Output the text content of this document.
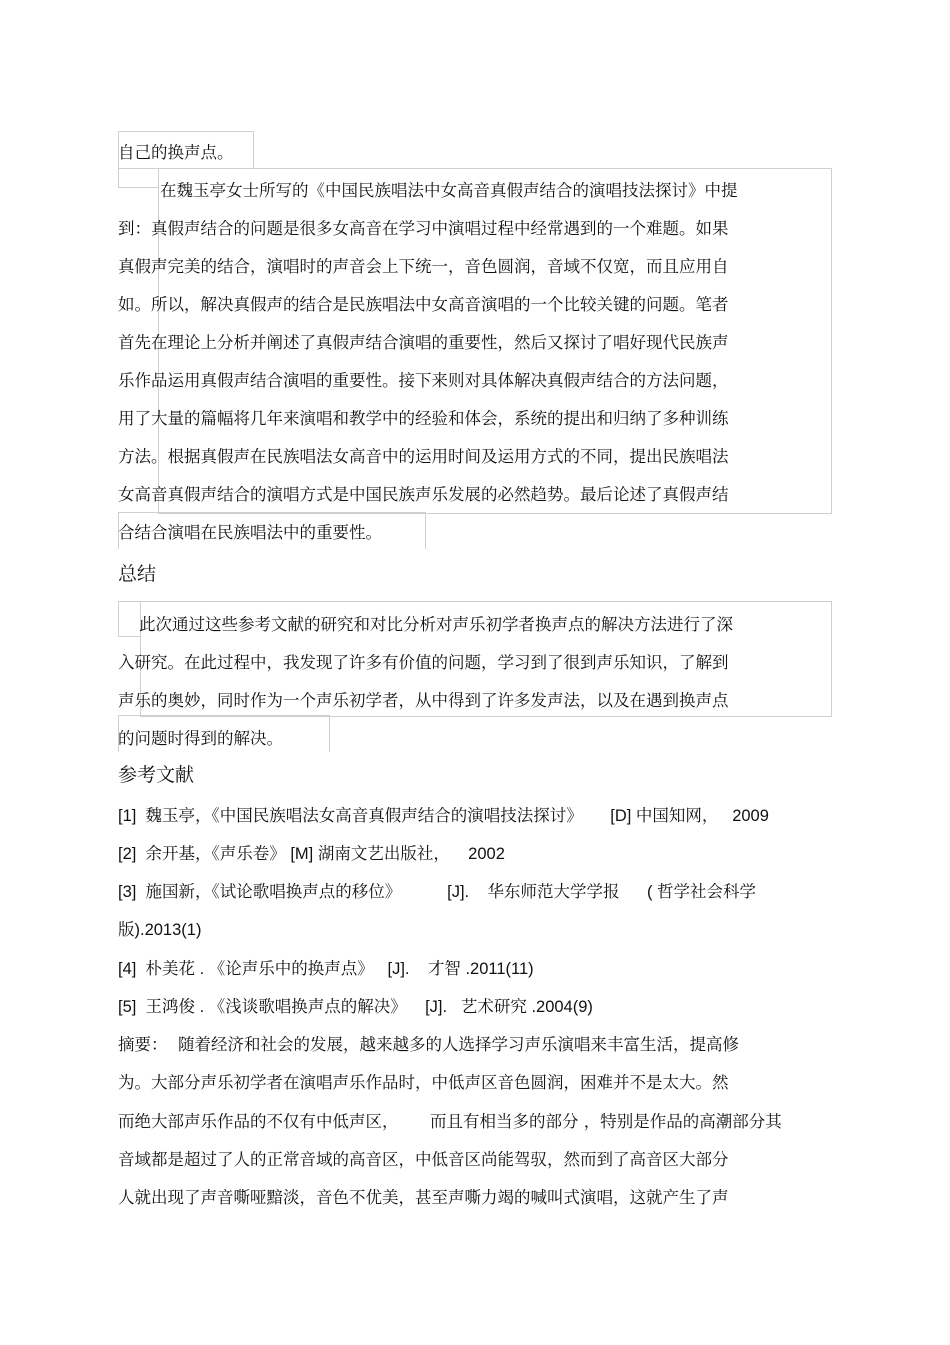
自己的换声点。
在魏玉亭女士所写的《中国民族唱法中女高音真假声结合的演唱技法探讨》中提
到：真假声结合的问题是很多女高音在学习中演唱过程中经常遇到的一个难题。如果
真假声完美的结合，演唱时的声音会上下统一，音色圆润，音域不仅宽，而且应用自
如。所以，解决真假声的结合是民族唱法中女高音演唱的一个比较关键的问题。笔者
首先在理论上分析并阐述了真假声结合演唱的重要性，然后又探讨了唱好现代民族声
乐作品运用真假声结合演唱的重要性。接下来则对具体解决真假声结合的方法问题，
用了大量的篇幅将几年来演唱和教学中的经验和体会，系统的提出和归纳了多种训练
方法。根据真假声在民族唱法女高音中的运用时间及运用方式的不同，提出民族唱法
女高音真假声结合的演唱方式是中国民族声乐发展的必然趋势。最后论述了真假声结
合结合演唱在民族唱法中的重要性。
总结
此次通过这些参考文献的研究和对比分析对声乐初学者换声点的解决方法进行了深
入研究。在此过程中，我发现了许多有价值的问题，学习到了很到声乐知识，了解到
声乐的奥妙，同时作为一个声乐初学者，从中得到了许多发声法，以及在遇到换声点
的问题时得到的解决。
参考文献
[1]  魏玉亭，《中国民族唱法女高音真假声结合的演唱技法探讨》      [D] 中国知网，   2009
[2]  余开基，《声乐卷》 [M] 湖南文艺出版社，    2002
[3]  施国新，《试论歌唱换声点的移位》          [J].    华东师范大学学报      ( 哲学社会科学
版).2013(1)
[4]  朴美花 . 《论声乐中的换声点》   [J].    才智 .2011(11)
[5]  王鸿俊 . 《浅谈歌唱换声点的解决》    [J].   艺术研究 .2004(9)
摘要：  随着经济和社会的发展，越来越多的人选择学习声乐演唱来丰富生活，提高修
为。大部分声乐初学者在演唱声乐作品时，中低声区音色圆润，困难并不是太大。然
而绝大部声乐作品的不仅有中低声区，      而且有相当多的部分 ，特别是作品的高潮部分其
音域都是超过了人的正常音域的高音区，中低音区尚能驾驭，然而到了高音区大部分
人就出现了声音嘶哑黯淡，音色不优美，甚至声嘶力竭的喊叫式演唱，这就产生了声
